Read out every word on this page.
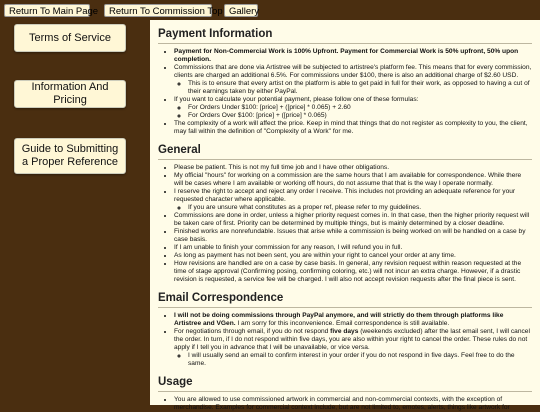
Return To Main Page	Return To Commission Top Gallery
Terms of Service
Information And Pricing
Guide to Submitting a Proper Reference
Payment Information
• Payment for Non-Commercial Work is 100% Upfront. Payment for Commercial Work is 50% upfront, 50% upon completion.
• Commissions that are done via Artistree will be subjected to artistree's platform fee. This means that for every commission, clients are charged an additional 6.5%. For commissions under $100, there is also an additional charge of $2.60 USD.
◦ This is to ensure that every artist on the platform is able to get paid in full for their work, as opposed to having a cut of their earnings taken by either PayPal.
• If you want to calculate your potential payment, please follow one of these formulas:
◦ For Orders Under $100: [price] + ([price] * 0.065) + 2.60
◦ For Orders Over $100: [price] + ([price] * 0.065)
• The complexity of a work will affect the price. Keep in mind that things that do not register as complexity to you, the client, may fall within the definition of "Complexity of a Work" for me.
General
• Please be patient. This is not my full time job and I have other obligations.
• My official "hours" for working on a commission are the same hours that I am available for correspondence. While there will be cases where I am available or working off hours, do not assume that that is the way I operate normally.
• I reserve the right to accept and reject any order I receive. This includes not providing an adequate reference for your requested character where applicable.
◦ If you are unsure what constitutes as a proper ref, please refer to my guidelines.
• Commissions are done in order, unless a higher priority request comes in. In that case, then the higher priority request will be taken care of first. Priority can be determined by multiple things, but is mainly determined by a closer deadline.
• Finished works are nonrefundable. Issues that arise while a commission is being worked on will be handled on a case by case basis.
• If I am unable to finish your commission for any reason, I will refund you in full.
• As long as payment has not been sent, you are within your right to cancel your order at any time.
• How revisions are handled are on a case by case basis. In general, any revision request within reason requested at the time of stage approval (Confirming posing, confirming coloring, etc.) will not incur an extra charge. However, if a drastic revision is requested, a service fee will be charged. I will also not accept revision requests after the final piece is sent.
Email Correspondence
• I will not be doing commissions through PayPal anymore, and will strictly do them through platforms like Artistree and VGen. I am sorry for this inconvenience. Email correspondence is still available.
• For negotiations through email, if you do not respond five days (weekends excluded) after the last email sent, I will cancel the order. In turn, if I do not respond within five days, you are also within your right to cancel the order. These rules do not apply if I tell you in advance that I will be unavailable, or vice versa.
◦ I will usually send an email to confirm interest in your order if you do not respond in five days. Feel free to do the same.
Usage
• You are allowed to use commissioned artwork in commercial and non-commercial contexts, with the exception of merchandise. Examples for commercial context include, but are not limited to, emotes, alerts, things like artwork for
